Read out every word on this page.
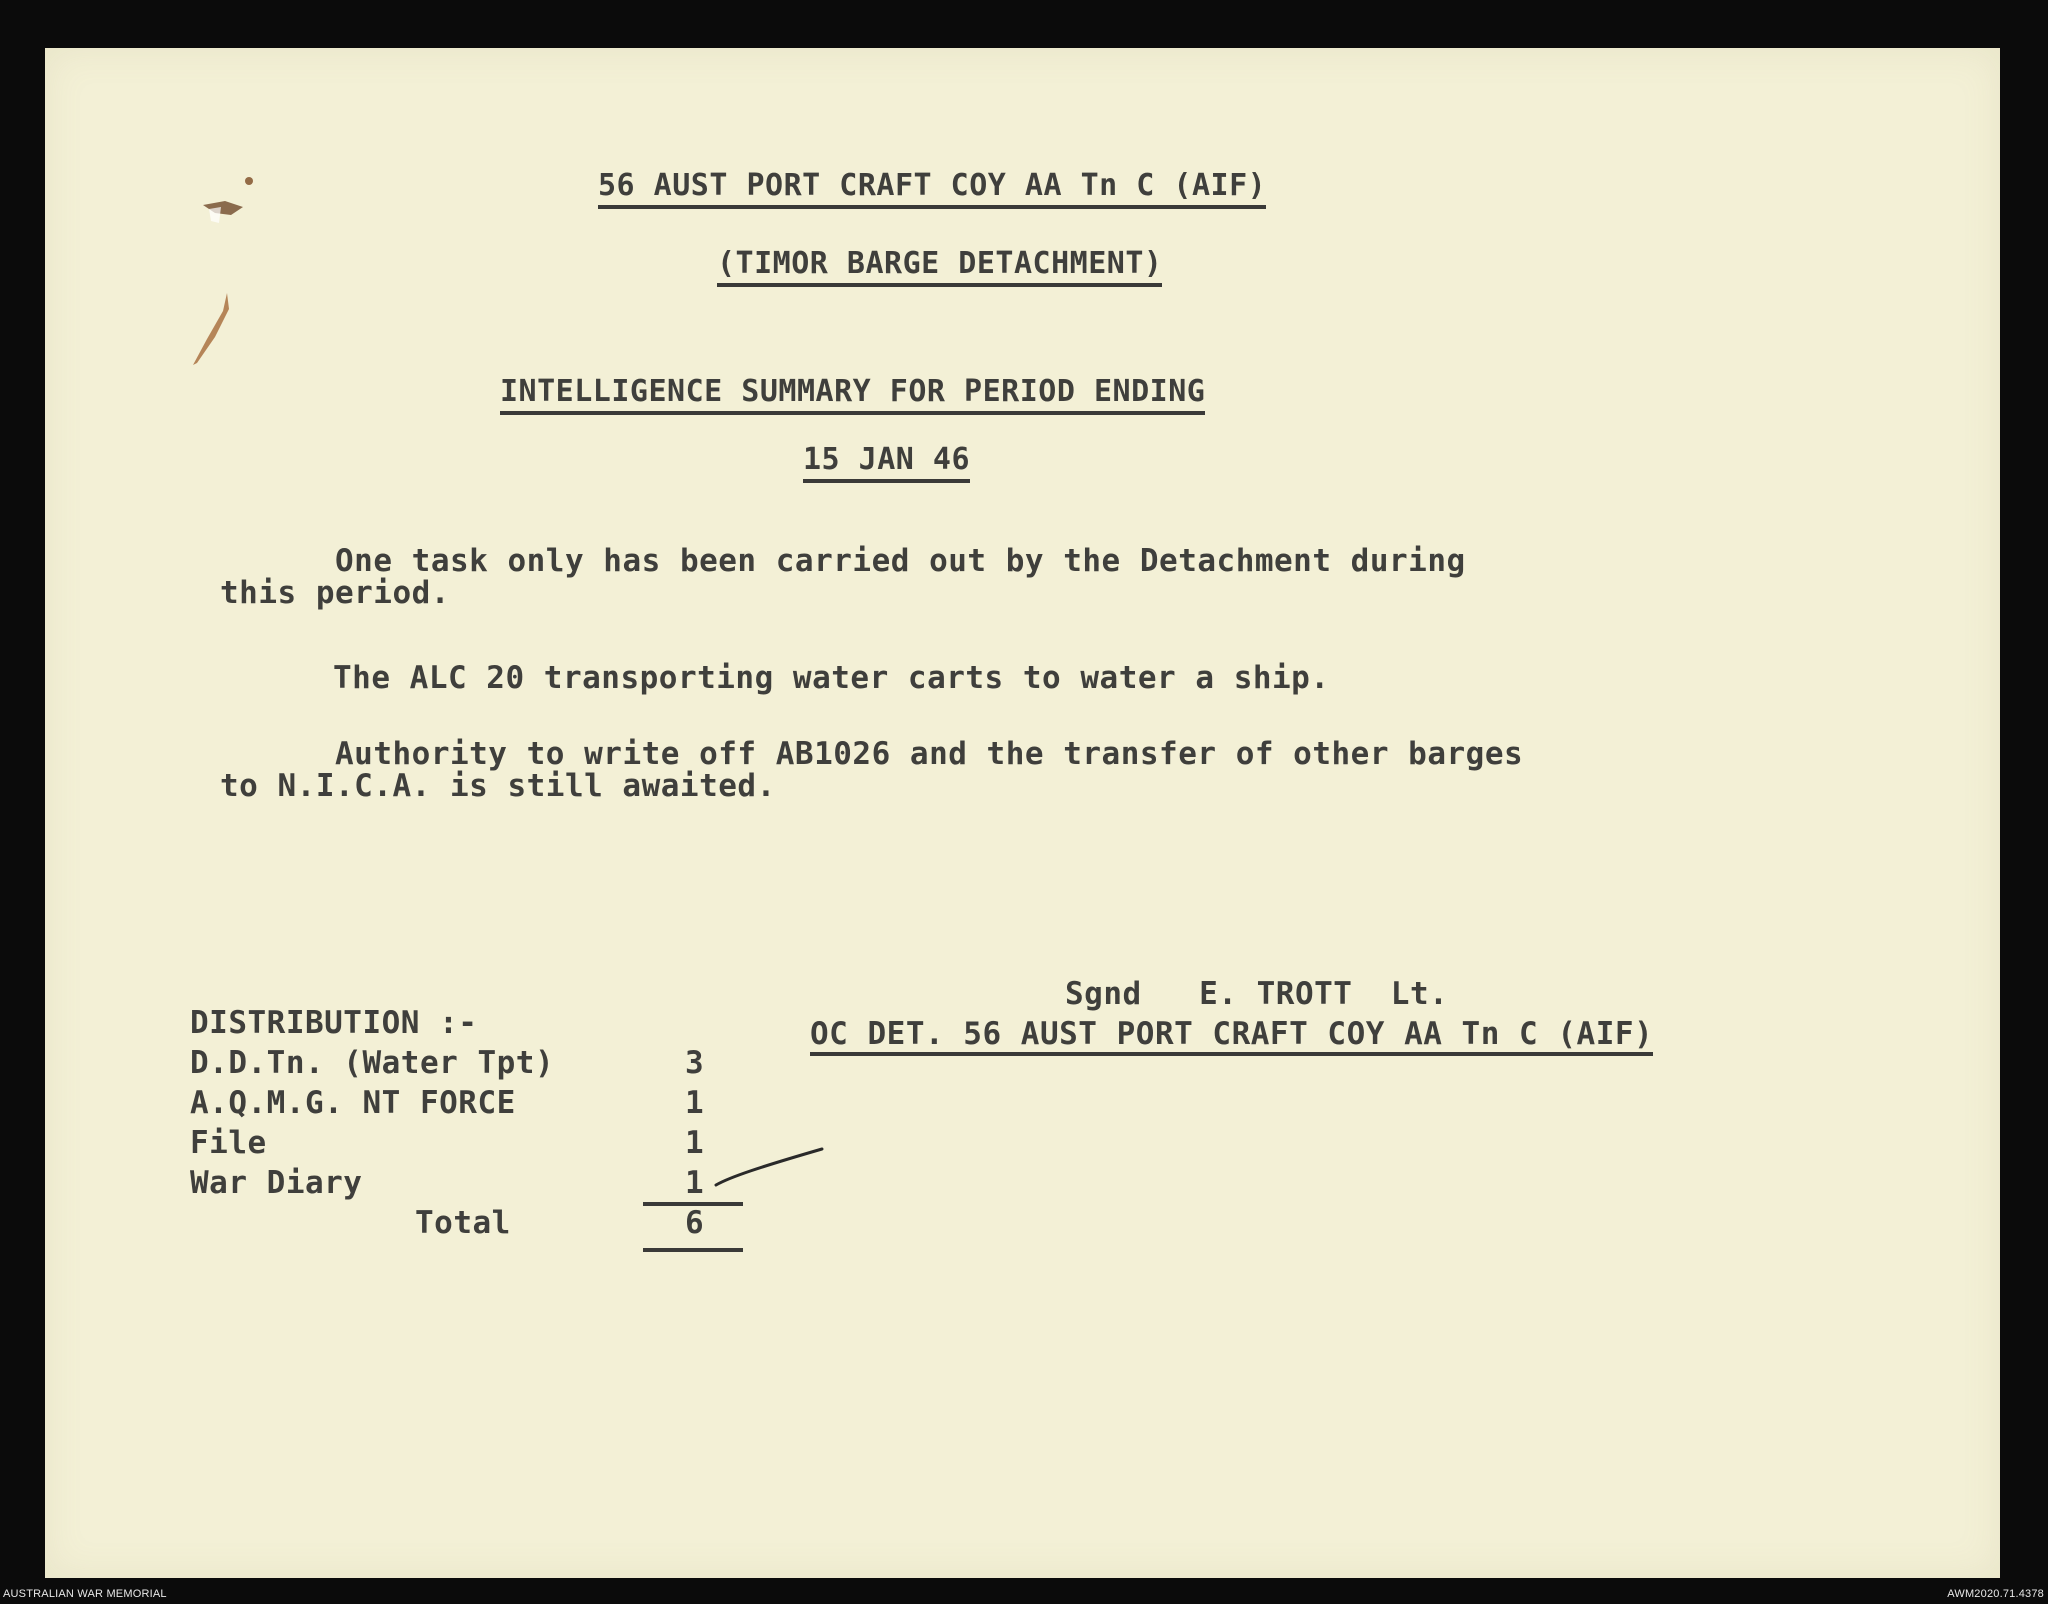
56 AUST PORT CRAFT COY AA Tn C (AIF)
(TIMOR BARGE DETACHMENT)
INTELLIGENCE SUMMARY FOR PERIOD ENDING
15 JAN 46
One task only has been carried out by the Detachment during
this period.
The ALC 20 transporting water carts to water a ship.
Authority to write off AB1026 and the transfer of other barges
to N.I.C.A. is still awaited.
Sgnd   E. TROTT  Lt.
OC DET. 56 AUST PORT CRAFT COY AA Tn C (AIF)
DISTRIBUTION :-
D.D.Tn. (Water Tpt)	3
A.Q.M.G. NT FORCE	1
File	1
War Diary	1
Total	6
AUSTRALIAN WAR MEMORIAL	AWM2020.71.4378
